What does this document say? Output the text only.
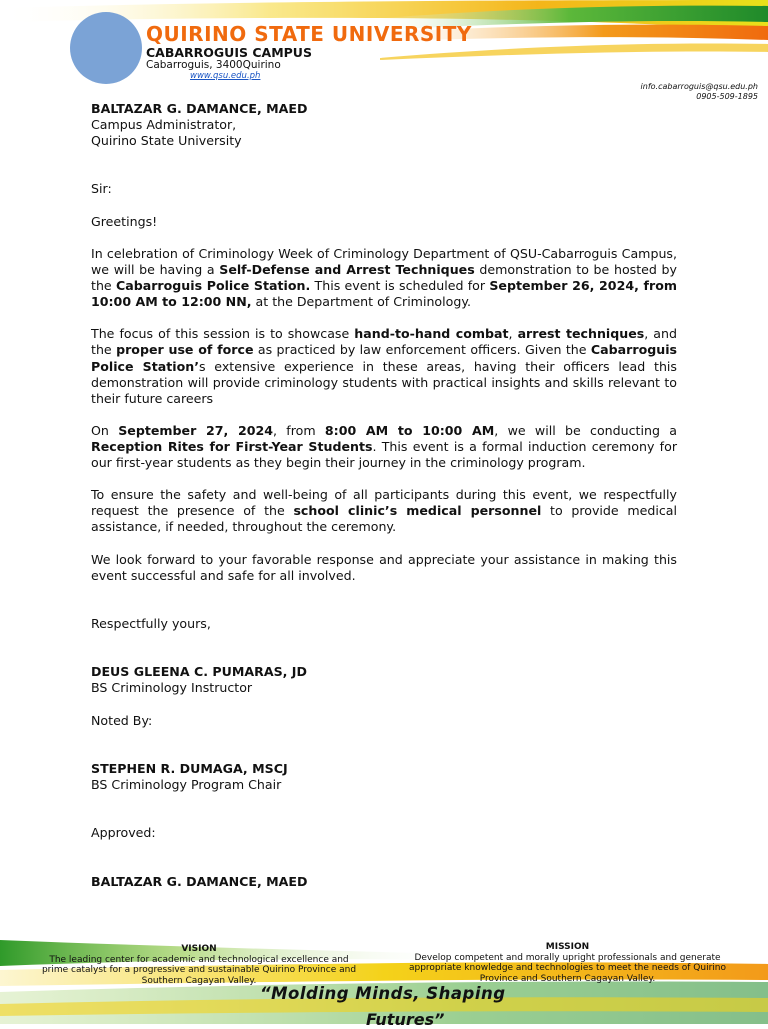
QUIRINO STATE UNIVERSITY
CABARROGUIS CAMPUS
Cabarroguis, 3400Quirino
www.qsu.edu.ph
info.cabarroguis@qsu.edu.ph
0905-509-1895

BALTAZAR G. DAMANCE, MAED

Campus Administrator,

Quirino State University

Sir:

Greetings!

In celebration of Criminology Week of Criminology Department of QSU-Cabarroguis Campus, we will be having a Self-Defense and Arrest Techniques demonstration to be hosted by the Cabarroguis Police Station. This event is scheduled for September 26, 2024, from 10:00 AM to 12:00 NN, at the Department of Criminology.

The focus of this session is to showcase hand-to-hand combat, arrest techniques, and the proper use of force as practiced by law enforcement officers. Given the Cabarroguis Police Station’s extensive experience in these areas, having their officers lead this demonstration will provide criminology students with practical insights and skills relevant to their future careers

On September 27, 2024, from 8:00 AM to 10:00 AM, we will be conducting a Reception Rites for First-Year Students. This event is a formal induction ceremony for our first-year students as they begin their journey in the criminology program.

To ensure the safety and well-being of all participants during this event, we respectfully request the presence of the school clinic’s medical personnel to provide medical assistance, if needed, throughout the ceremony.

We look forward to your favorable response and appreciate your assistance in making this event successful and safe for all involved.

Respectfully yours,

DEUS GLEENA C. PUMARAS, JD

BS Criminology Instructor

Noted By:

STEPHEN R. DUMAGA, MSCJ

BS Criminology Program Chair

Approved:

BALTAZAR G. DAMANCE, MAED

VISION
The leading center for academic and technological excellence and prime catalyst for a progressive and sustainable Quirino Province and Southern Cagayan Valley.
MISSION
Develop competent and morally upright professionals and generate appropriate knowledge and technologies to meet the needs of Quirino Province and Southern Cagayan Valley.
“Molding Minds, Shaping
Futures”
